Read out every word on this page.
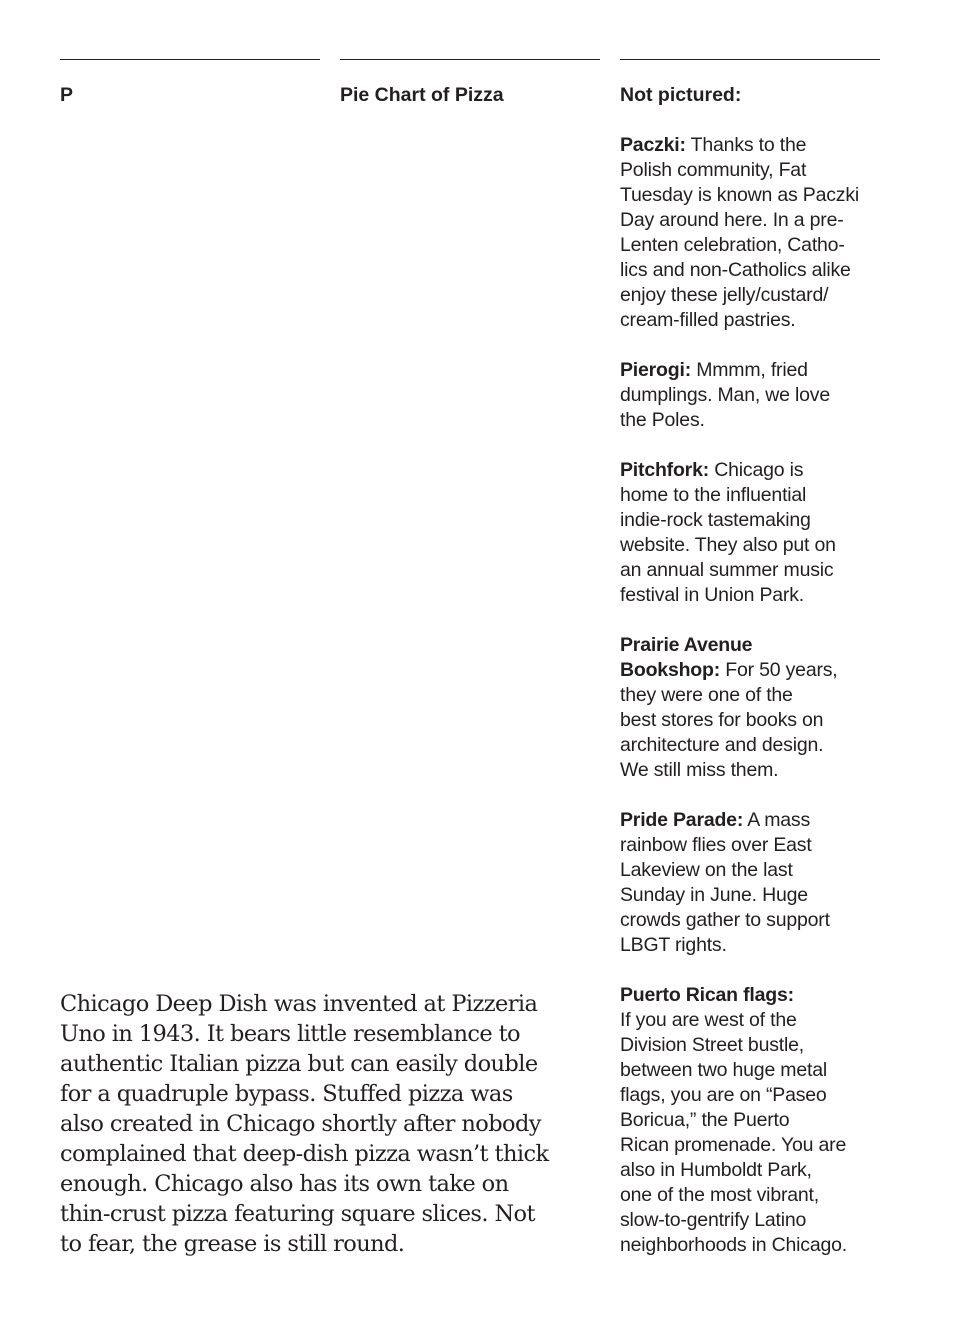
P	Pie Chart of Pizza	Not pictured:

Paczki: Thanks to the
Polish community, Fat
Tuesday is known as Paczki
Day around here. In a pre-
Lenten celebration, Catho-
lics and non-Catholics alike
enjoy these jelly/custard/
cream-filled pastries.

Pierogi: Mmmm, fried
dumplings. Man, we love
the Poles.

Pitchfork: Chicago is
home to the influential
indie-rock tastemaking
website. They also put on
an annual summer music
festival in Union Park.

Prairie Avenue
Bookshop: For 50 years,
they were one of the
best stores for books on
architecture and design.
We still miss them.

Pride Parade: A mass
rainbow flies over East
Lakeview on the last
Sunday in June. Huge
crowds gather to support
LBGT rights.

Puerto Rican flags:
If you are west of the
Division Street bustle,
between two huge metal
flags, you are on “Paseo
Boricua,” the Puerto
Rican promenade. You are
also in Humboldt Park,
one of the most vibrant,
slow-to-gentrify Latino
neighborhoods in Chicago.

Chicago Deep Dish was invented at Pizzeria
Uno in 1943. It bears little resemblance to
authentic Italian pizza but can easily double
for a quadruple bypass. Stuffed pizza was
also created in Chicago shortly after nobody
complained that deep-dish pizza wasn’t thick
enough. Chicago also has its own take on
thin-crust pizza featuring square slices. Not
to fear, the grease is still round.
